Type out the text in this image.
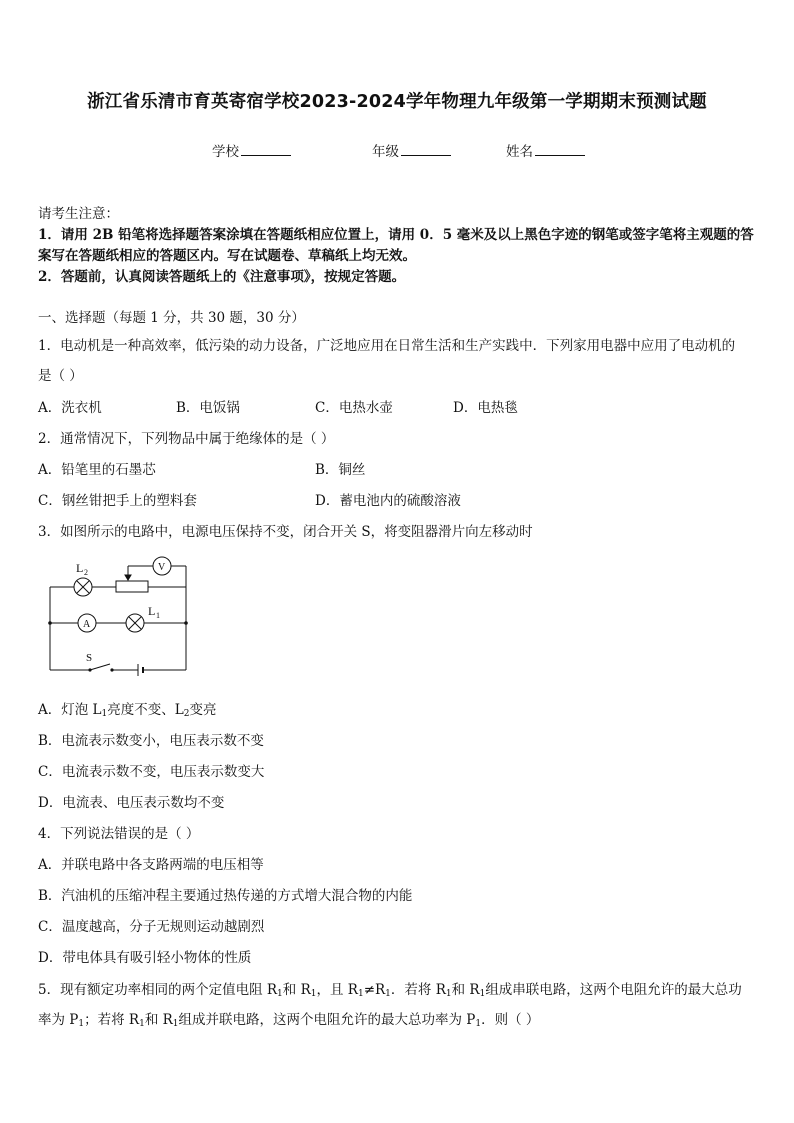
浙江省乐清市育英寄宿学校2023-2024学年物理九年级第一学期期末预测试题
学校	年级	姓名
请考生注意：
1．请用 2B 铅笔将选择题答案涂填在答题纸相应位置上，请用 0．5 毫米及以上黑色字迹的钢笔或签字笔将主观题的答
案写在答题纸相应的答题区内。写在试题卷、草稿纸上均无效。
2．答题前，认真阅读答题纸上的《注意事项》，按规定答题。
一、选择题（每题 1 分，共 30 题，30 分）
1．电动机是一种高效率，低污染的动力设备，广泛地应用在日常生活和生产实践中．下列家用电器中应用了电动机的
是（ ）
A．洗衣机	B．电饭锅	C．电热水壶	D．电热毯
2．通常情况下，下列物品中属于绝缘体的是（ ）
A．铅笔里的石墨芯	B．铜丝
C．钢丝钳把手上的塑料套	D．蓄电池内的硫酸溶液
3．如图所示的电路中，电源电压保持不变，闭合开关 S，将变阻器滑片向左移动时
L 2
L 1
V
A
S
A．灯泡 $L_1$亮度不变、$L_2$变亮
B．电流表示数变小，电压表示数不变
C．电流表示数不变，电压表示数变大
D．电流表、电压表示数均不变
4．下列说法错误的是（ ）
A．并联电路中各支路两端的电压相等
B．汽油机的压缩冲程主要通过热传递的方式增大混合物的内能
C．温度越高，分子无规则运动越剧烈
D．带电体具有吸引轻小物体的性质
5．现有额定功率相同的两个定值电阻 $R_1$和 $R_1$，且 $R_1\ne R_1$．若将 $R_1$和 $R_1$组成串联电路，这两个电阻允许的最大总功
率为 $P_1$；若将 $R_1$和 $R_1$组成并联电路，这两个电阻允许的最大总功率为 $P_1$．则（ ）
